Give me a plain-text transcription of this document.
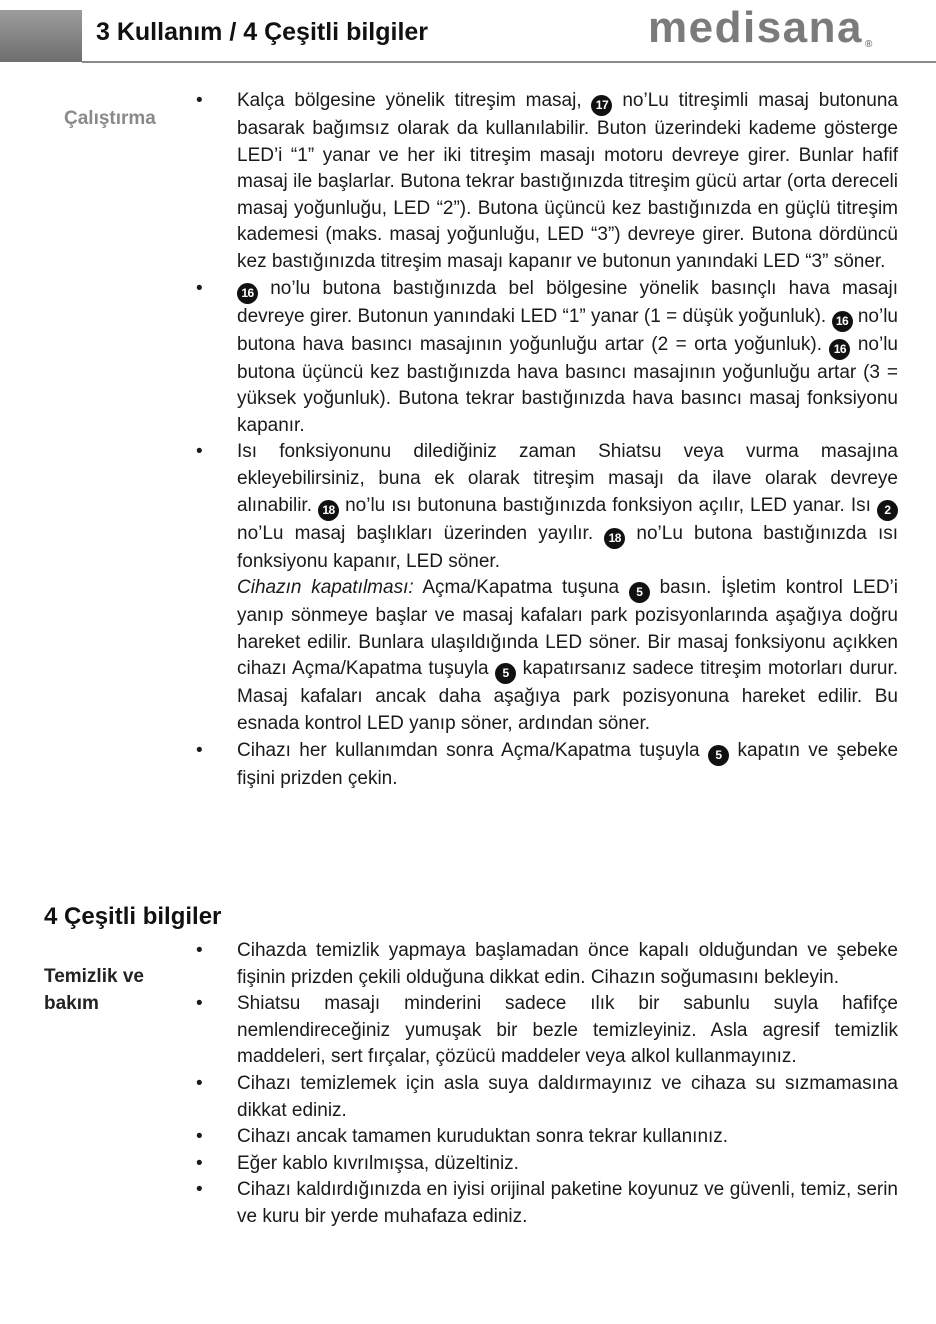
3 Kullanım / 4 Çeşitli bilgiler	medisana ®
Çalıştırma
• Kalça bölgesine yönelik titreşim masaj, 17 no’Lu titreşimli masaj butonuna basarak bağımsız olarak da kullanılabilir. Buton üzerindeki kademe gösterge LED’i “1” yanar ve her iki titreşim masajı motoru devreye girer. Bunlar hafif masaj ile başlarlar. Butona tekrar bastığınızda titreşim gücü artar (orta dereceli masaj yoğunluğu, LED “2”). Butona üçüncü kez bastığınızda en güçlü titreşim kademesi (maks. masaj yoğunluğu, LED “3”) devreye girer. Butona dördüncü kez bastığınızda titreşim masajı kapanır ve butonun yanındaki LED “3” söner.

•	16 no’lu butona bastığınızda bel bölgesine yönelik basınçlı hava masajı devreye girer. Butonun yanındaki LED “1” yanar (1 = düşük yoğunluk). 16 no’lu butona hava basıncı masajının yoğunluğu artar (2 = orta yoğunluk). 16 no’lu butona üçüncü kez bastığınızda hava basıncı masajının yoğunluğu artar (3 = yüksek yoğunluk). Butona tekrar bastığınızda hava basıncı masaj fonksiyonu kapanır.

• Isı fonksiyonunu dilediğiniz zaman Shiatsu veya vurma masajına ekleyebilirsiniz, buna ek olarak titreşim masajı da ilave olarak devreye alınabilir. 18 no’lu ısı butonuna bastığınızda fonksiyon açılır, LED yanar. Isı 2 no’Lu masaj başlıkları üzerinden yayılır. 18 no’Lu butona bastığınızda ısı fonksiyonu kapanır, LED söner.

Cihazın kapatılması: Açma/Kapatma tuşuna 5 basın. İşletim kontrol LED’i yanıp sönmeye başlar ve masaj kafaları park pozisyonlarında aşağıya doğru hareket edilir. Bunlara ulaşıldığında LED söner. Bir masaj fonksiyonu açıkken cihazı Açma/Kapatma tuşuyla 5 kapatırsanız sadece titreşim motorları durur. Masaj kafaları ancak daha aşağıya park pozisyonuna hareket edilir. Bu esnada kontrol LED yanıp söner, ardından söner.

• Cihazı her kullanımdan sonra Açma/Kapatma tuşuyla 5 kapatın ve şebeke fişini prizden çekin.

4 Çeşitli bilgiler
Temizlik ve
bakım
• Cihazda temizlik yapmaya başlamadan önce kapalı olduğundan ve şebeke fişinin prizden çekili olduğuna dikkat edin. Cihazın soğumasını bekleyin.

• Shiatsu masajı minderini sadece ılık bir sabunlu suyla hafifçe nemlendireceğiniz yumuşak bir bezle temizleyiniz. Asla agresif temizlik maddeleri, sert fırçalar, çözücü maddeler veya alkol kullanmayınız.

• Cihazı temizlemek için asla suya daldırmayınız ve cihaza su sızmamasına dikkat ediniz.

• Cihazı ancak tamamen kuruduktan sonra tekrar kullanınız.

• Eğer kablo kıvrılmışsa, düzeltiniz.

• Cihazı kaldırdığınızda en iyisi orijinal paketine koyunuz ve güvenli, temiz, serin ve kuru bir yerde muhafaza ediniz.
